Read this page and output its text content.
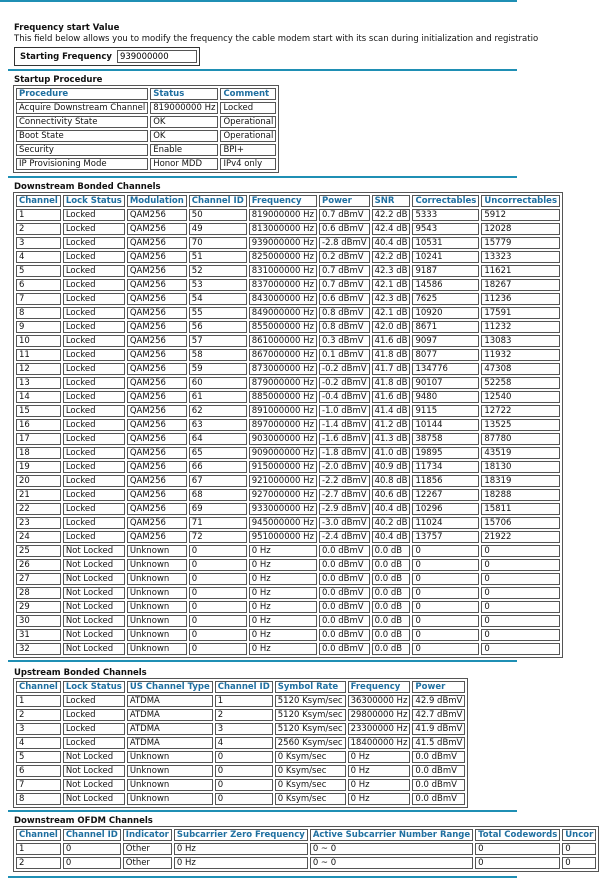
Frequency start Value
This field below allows you to modify the frequency the cable modem start with its scan during initialization and registratio
Starting Frequency
939000000
Startup Procedure
Procedure	Status	Comment
Acquire Downstream Channel	819000000 Hz	Locked
Connectivity State	OK	Operational
Boot State	OK	Operational
Security	Enable	BPI+
IP Provisioning Mode	Honor MDD	IPv4 only
Downstream Bonded Channels
Channel	Lock Status	Modulation	Channel ID	Frequency	Power	SNR	Correctables	Uncorrectables
1	Locked	QAM256	50	819000000 Hz	0.7 dBmV	42.2 dB	5333	5912
2	Locked	QAM256	49	813000000 Hz	0.6 dBmV	42.4 dB	9543	12028
3	Locked	QAM256	70	939000000 Hz	-2.8 dBmV	40.4 dB	10531	15779
4	Locked	QAM256	51	825000000 Hz	0.2 dBmV	42.2 dB	10241	13323
5	Locked	QAM256	52	831000000 Hz	0.7 dBmV	42.3 dB	9187	11621
6	Locked	QAM256	53	837000000 Hz	0.7 dBmV	42.1 dB	14586	18267
7	Locked	QAM256	54	843000000 Hz	0.6 dBmV	42.3 dB	7625	11236
8	Locked	QAM256	55	849000000 Hz	0.8 dBmV	42.1 dB	10920	17591
9	Locked	QAM256	56	855000000 Hz	0.8 dBmV	42.0 dB	8671	11232
10	Locked	QAM256	57	861000000 Hz	0.3 dBmV	41.6 dB	9097	13083
11	Locked	QAM256	58	867000000 Hz	0.1 dBmV	41.8 dB	8077	11932
12	Locked	QAM256	59	873000000 Hz	-0.2 dBmV	41.7 dB	134776	47308
13	Locked	QAM256	60	879000000 Hz	-0.2 dBmV	41.8 dB	90107	52258
14	Locked	QAM256	61	885000000 Hz	-0.4 dBmV	41.6 dB	9480	12540
15	Locked	QAM256	62	891000000 Hz	-1.0 dBmV	41.4 dB	9115	12722
16	Locked	QAM256	63	897000000 Hz	-1.4 dBmV	41.2 dB	10144	13525
17	Locked	QAM256	64	903000000 Hz	-1.6 dBmV	41.3 dB	38758	87780
18	Locked	QAM256	65	909000000 Hz	-1.8 dBmV	41.0 dB	19895	43519
19	Locked	QAM256	66	915000000 Hz	-2.0 dBmV	40.9 dB	11734	18130
20	Locked	QAM256	67	921000000 Hz	-2.2 dBmV	40.8 dB	11856	18319
21	Locked	QAM256	68	927000000 Hz	-2.7 dBmV	40.6 dB	12267	18288
22	Locked	QAM256	69	933000000 Hz	-2.9 dBmV	40.4 dB	10296	15811
23	Locked	QAM256	71	945000000 Hz	-3.0 dBmV	40.2 dB	11024	15706
24	Locked	QAM256	72	951000000 Hz	-2.4 dBmV	40.4 dB	13757	21922
25	Not Locked	Unknown	0	0 Hz	0.0 dBmV	0.0 dB	0	0
26	Not Locked	Unknown	0	0 Hz	0.0 dBmV	0.0 dB	0	0
27	Not Locked	Unknown	0	0 Hz	0.0 dBmV	0.0 dB	0	0
28	Not Locked	Unknown	0	0 Hz	0.0 dBmV	0.0 dB	0	0
29	Not Locked	Unknown	0	0 Hz	0.0 dBmV	0.0 dB	0	0
30	Not Locked	Unknown	0	0 Hz	0.0 dBmV	0.0 dB	0	0
31	Not Locked	Unknown	0	0 Hz	0.0 dBmV	0.0 dB	0	0
32	Not Locked	Unknown	0	0 Hz	0.0 dBmV	0.0 dB	0	0
Upstream Bonded Channels
Channel	Lock Status	US Channel Type	Channel ID	Symbol Rate	Frequency	Power
1	Locked	ATDMA	1	5120 Ksym/sec	36300000 Hz	42.9 dBmV
2	Locked	ATDMA	2	5120 Ksym/sec	29800000 Hz	42.7 dBmV
3	Locked	ATDMA	3	5120 Ksym/sec	23300000 Hz	41.9 dBmV
4	Locked	ATDMA	4	2560 Ksym/sec	18400000 Hz	41.5 dBmV
5	Not Locked	Unknown	0	0 Ksym/sec	0 Hz	0.0 dBmV
6	Not Locked	Unknown	0	0 Ksym/sec	0 Hz	0.0 dBmV
7	Not Locked	Unknown	0	0 Ksym/sec	0 Hz	0.0 dBmV
8	Not Locked	Unknown	0	0 Ksym/sec	0 Hz	0.0 dBmV
Downstream OFDM Channels
Channel	Channel ID	Indicator	Subcarrier Zero Frequency	Active Subcarrier Number Range	Total Codewords	Uncor
1	0	Other	0 Hz	0 ~ 0	0	0
2	0	Other	0 Hz	0 ~ 0	0	0
